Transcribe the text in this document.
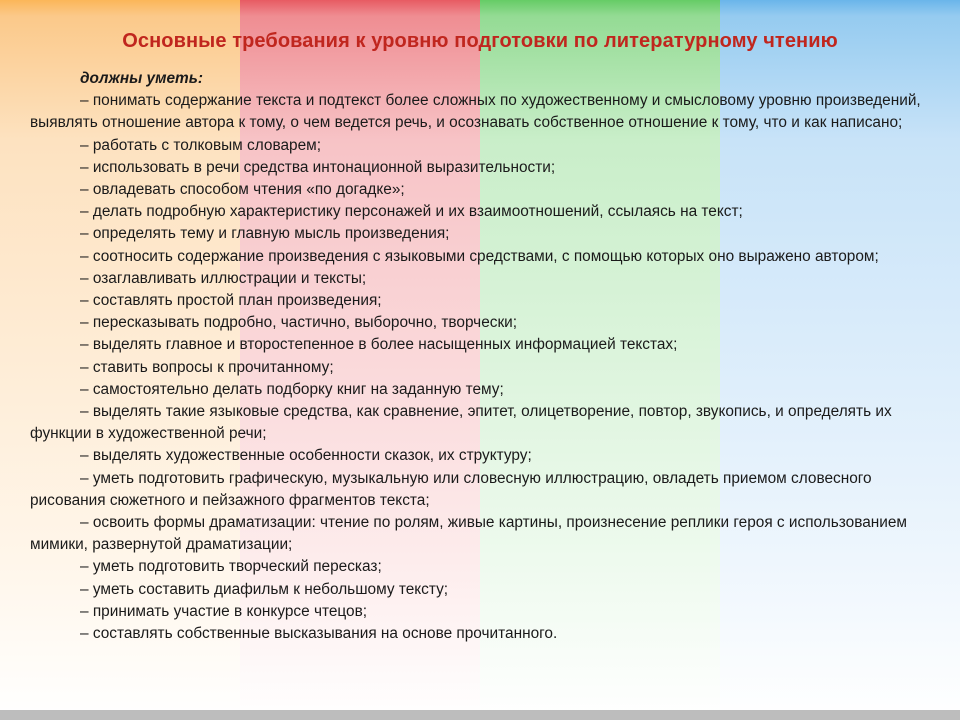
Основные требования к уровню подготовки по литературному чтению
должны уметь:

– понимать содержание текста и подтекст более сложных по художественному и смысловому уровню произведений, выявлять отношение автора к тому, о чем ведется речь, и осознавать собственное отношение к тому, что и как написано;

– работать с толковым словарем;

– использовать в речи средства интонационной выразительности;

– овладевать способом чтения «по догадке»;

– делать подробную характеристику персонажей и их взаимоотношений, ссылаясь на текст;

– определять тему и главную мысль произведения;

– соотносить содержание произведения с языковыми средствами, с помощью которых оно выражено автором;

– озаглавливать иллюстрации и тексты;

– составлять простой план произведения;

– пересказывать подробно, частично, выборочно, творчески;

– выделять главное и второстепенное в более насыщенных информацией текстах;

– ставить вопросы к прочитанному;

– самостоятельно делать подборку книг на заданную тему;

– выделять такие языковые средства, как сравнение, эпитет, олицетворение, повтор, звукопись, и определять их функции в художественной речи;

– выделять художественные особенности сказок, их структуру;

– уметь подготовить графическую, музыкальную или словесную иллюстрацию, овладеть приемом словесного рисования сюжетного и пейзажного фрагментов текста;

– освоить формы драматизации: чтение по ролям, живые картины, произнесение реплики героя с использованием мимики, развернутой драматизации;

– уметь подготовить творческий пересказ;

– уметь составить диафильм к небольшому тексту;

– принимать участие в конкурсе чтецов;

– составлять собственные высказывания на основе прочитанного.
